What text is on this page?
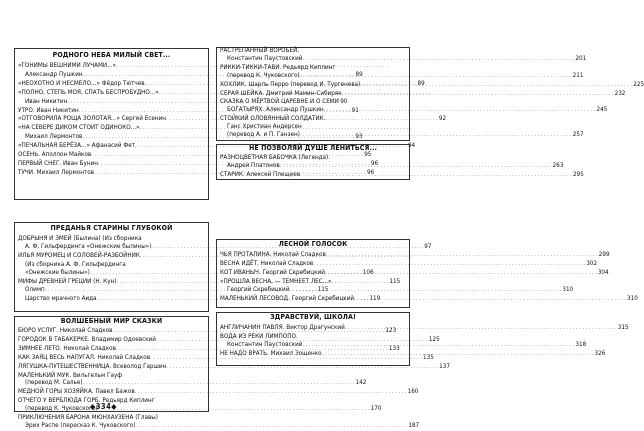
РОДНОГО НЕБА МИЛЫЙ СВЕТ...
«ГОНИМЫ ВЕШНИМИ ЛУЧАМИ...»
. . .
Александр Пушкин . . .	89
«НЕОХОТНО И НЕСМЕЛО...» Фёдор Тютчев . . .	89
«ПОЛНО, СТЕПЬ МОЯ, СПАТЬ БЕСПРОБУДНО...»
. . .
Иван Никитин . . .	90
УТРО. Иван Никитин . . .	91
«ОТГОВОРИЛА РОЩА ЗОЛОТАЯ...» Сергей Есенин . . .	92
«НА СЕВЕРЕ ДИКОМ СТОИТ ОДИНОКО...»
. . .
Михаил Лермонтов . . .	93
«ПЕЧАЛЬНАЯ БЕРЁЗА...» Афанасий Фет . . .	94
ОСЕНЬ. Аполлон Майков . . .	95
ПЕРВЫЙ СНЕГ. Иван Бунин . . .	96
ТУЧИ. Михаил Лермонтов . . .	96
ПРЕДАНЬЯ СТАРИНЫ ГЛУБОКОЙ
ДОБРЫНЯ И ЗМЕЙ (Былина) (Из сборника
А. Ф. Гильфердинга «Онежские былины») . . .	97
ИЛЬЯ МУРОМЕЦ И СОЛОВЕЙ-РАЗБОЙНИК
. . .
(Из сборника А. Ф. Гильфердинга
«Онежские былины») . . .	106
МИФЫ ДРЕВНЕЙ ГРЕЦИИ (Н. Кун) . . .	115
Олимп . . .	115
Царство мрачного Аида . . .	119
ВОЛШЕБНЫЙ МИР СКАЗКИ
БЮРО УСЛУГ. Николай Сладков . . .	123
ГОРОДОК В ТАБАКЕРКЕ. Владимир Одоевский . . .	125
ЗИМНЕЕ ЛЕТО. Николай Сладков . . .	133
КАК ЗАЯЦ ВЕСЬ НАПУГАЛ. Николай Сладков . . .	135
ЛЯГУШКА-ПУТЕШЕСТВЕННИЦА. Всеволод Гаршин . . .	137
МАЛЕНЬКИЙ МУК. Вильгельм Гауф
(перевод М. Салье) . . .	142
МЕДНОЙ ГОРЫ ХОЗЯЙКА. Павел Бажов . . .	160
ОТЧЕГО У ВЕРБЛЮДА ГОРБ. Редьярд Киплинг
(перевод К. Чуковского) . . .	170
ПРИКЛЮЧЕНИЯ БАРОНА МЮНХАУЗЕНА (Главы)
Эрих Распе (пересказ К. Чуковского) . . .	187
РАСТРЕПАННЫЙ ВОРОБЕЙ.
Константин Паустовский . . .	201
РИККИ-ТИККИ-ТАВИ. Редьярд Киплинг
(перевод К. Чуковского) . . .	211
ХОХЛИК. Шарль Перро (перевод И. Тургенева) . . .	225
СЕРАЯ ШЕЙКА. Дмитрий Мамин-Сибиряк . . .	232
СКАЗКА О МЁРТВОЙ ЦАРЕВНЕ И О СЕМИ
БОГАТЫРЯХ. Александр Пушкин . . .	245
СТОЙКИЙ ОЛОВЯННЫЙ СОЛДАТИК.
Ганс Христиан Андерсен
(перевод А. и П. Ганзен) . . .	257
НЕ ПОЗВОЛЯЙ ДУШЕ ЛЕНИТЬСЯ...
РАЗНОЦВЕТНАЯ БАБОЧКА (Легенда).
Андрей Платонов . . .	263
СТАРИК. Алексей Плещеев . . .	295
ЛЕСНОЙ ГОЛОСОК
ЧЬЯ ПРОТАЛИНА. Николай Сладков . . .	299
ВЕСНА ИДЁТ. Николай Сладков . . .	302
КОТ ИВАНЫЧ. Георгий Скребицкий . . .	304
«ПРОШЛА ВЕСНА, — ТЕМНЕЕТ ЛЕС...»
Георгий Скребицкий . . .	310
МАЛЕНЬКИЙ ЛЕСОВОД. Георгий Скребицкий . . .	310
ЗДРАВСТВУЙ, ШКОЛА!
АНГЛИЧАНИН ПАВЛЯ. Виктор Драгунский . . .	315
ВОДА ИЗ РЕКИ ЛИМПОПО.
Константин Паустовский . . .	318
НЕ НАДО ВРАТЬ. Михаил Зощенко . . .	326
◆334◆
